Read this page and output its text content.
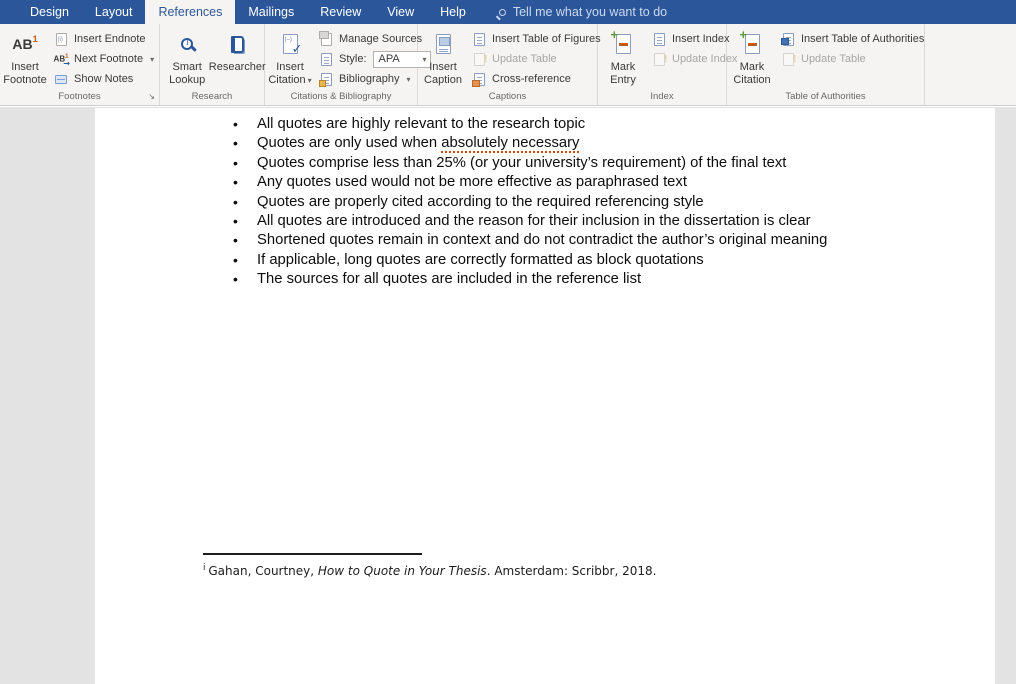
Design	Layout	References	Mailings	Review	View	Help	Tell me what you want to do
AB 1
Insert Footnote
(i)
Insert Endnote
$AB^1$
→ Next Footnote ▾
Show Notes
Footnotes	↘
i
Smart Lookup
Researcher
Research
(–) ✓
Insert Citation ▾
Manage Sources
Style: APA	▾
Bibliography ▾
Citations & Bibliography
Insert Caption
Insert Table of Figures
!
Update Table
Cross-reference
Captions
+
Mark Entry
Insert Index
!
Update Index
Index
+
Mark Citation
Insert Table of Authorities
!
Update Table
Table of Authorities
• All quotes are highly relevant to the research topic
• Quotes are only used when absolutely necessary
• Quotes comprise less than 25% (or your university’s requirement) of the final text
• Any quotes used would not be more effective as paraphrased text
• Quotes are properly cited according to the required referencing style
• All quotes are introduced and the reason for their inclusion in the dissertation is clear
• Shortened quotes remain in context and do not contradict the author’s original meaning
• If applicable, long quotes are correctly formatted as block quotations
• The sources for all quotes are included in the reference list
$^i$ Gahan, Courtney, How to Quote in Your Thesis. Amsterdam: Scribbr, 2018.
